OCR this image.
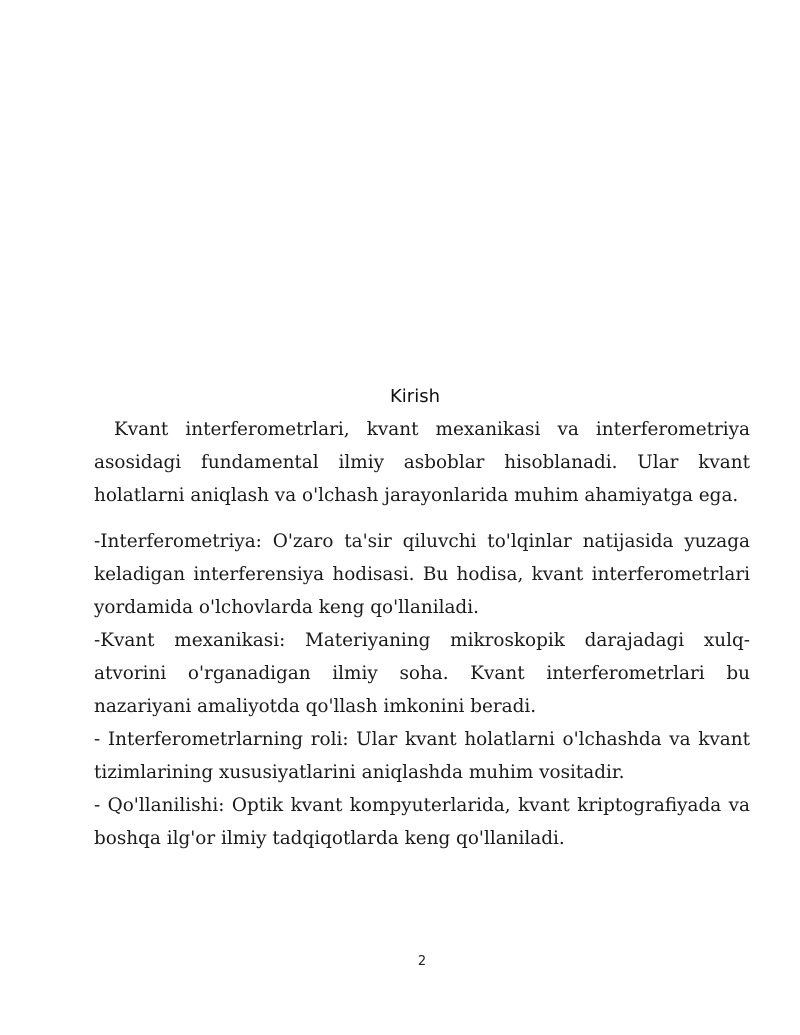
Kirish

Kvant interferometrlari, kvant mexanikasi va interferometriya asosidagi fundamental ilmiy asboblar hisoblanadi. Ular kvant holatlarni aniqlash va o'lchash jarayonlarida muhim ahamiyatga ega.

-Interferometriya: O'zaro ta'sir qiluvchi to'lqinlar natijasida yuzaga keladigan interferensiya hodisasi. Bu hodisa, kvant interferometrlari yordamida o'lchovlarda keng qo'llaniladi.

-Kvant mexanikasi: Materiyaning mikroskopik darajadagi xulq-atvorini o'rganadigan ilmiy soha. Kvant interferometrlari bu nazariyani amaliyotda qo'llash imkonini beradi.

- Interferometrlarning roli: Ular kvant holatlarni o'lchashda va kvant tizimlarining xususiyatlarini aniqlashda muhim vositadir.

- Qo'llanilishi: Optik kvant kompyuterlarida, kvant kriptografiyada va boshqa ilg'or ilmiy tadqiqotlarda keng qo'llaniladi.

2
